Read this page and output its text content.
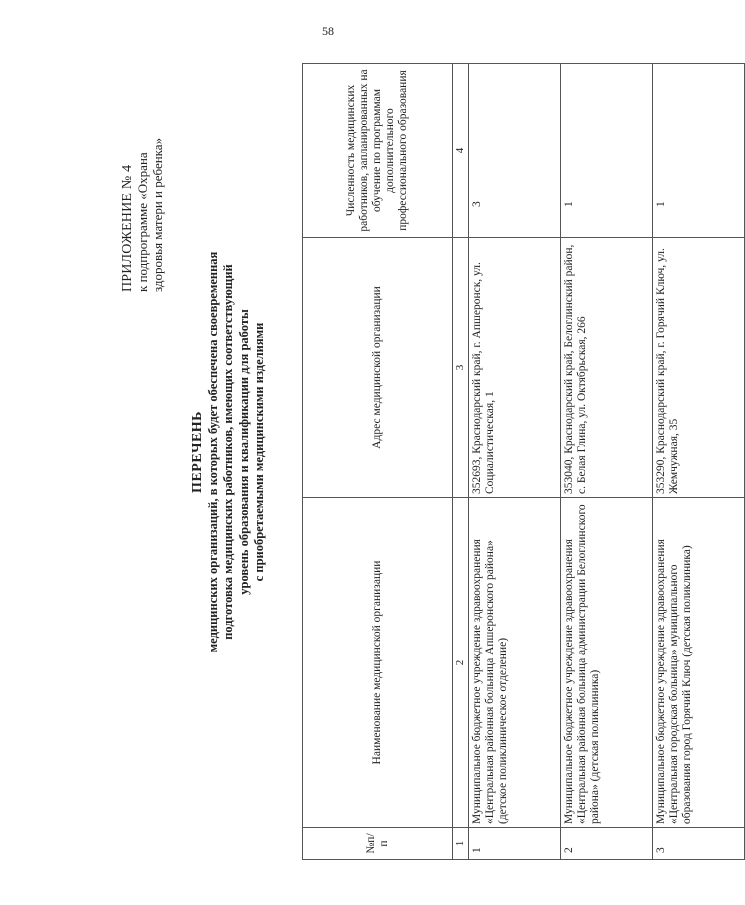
58
ПРИЛОЖЕНИЕ № 4 к подпрограмме «Охрана здоровья матери и ребенка»
ПЕРЕЧЕНЬ медицинских организаций, в которых будет обеспечена своевременная подготовка медицинских работников, имеющих соответствующий уровень образования и квалификации для работы с приобретаемыми медицинскими изделиями
№п/п	Наименование медицинской организации	Адрес медицинской организации	Численность медицинских работников, запланированных на обучение по программам дополнительного профессионального образования
1	2	3	4
1	Муниципальное бюджетное учреждение здравоохранения «Центральная районная больница Апшеронского района» (детское поликлиническое отделение)	352693, Краснодарский край, г. Апшеронск, ул. Социалистическая, 1	3
2	Муниципальное бюджетное учреждение здравоохранения «Центральная районная больница администрации Белоглинского района» (детская поликлиника)	353040, Краснодарский край, Белоглинский район, с. Белая Глина, ул. Октябрьская, 266	1
3	Муниципальное бюджетное учреждение здравоохранения «Центральная городская больница» муниципального образования город Горячий Ключ (детская поликлиника)	353290, Краснодарский край, г. Горячий Ключ, ул. Жемчужная, 35	1
